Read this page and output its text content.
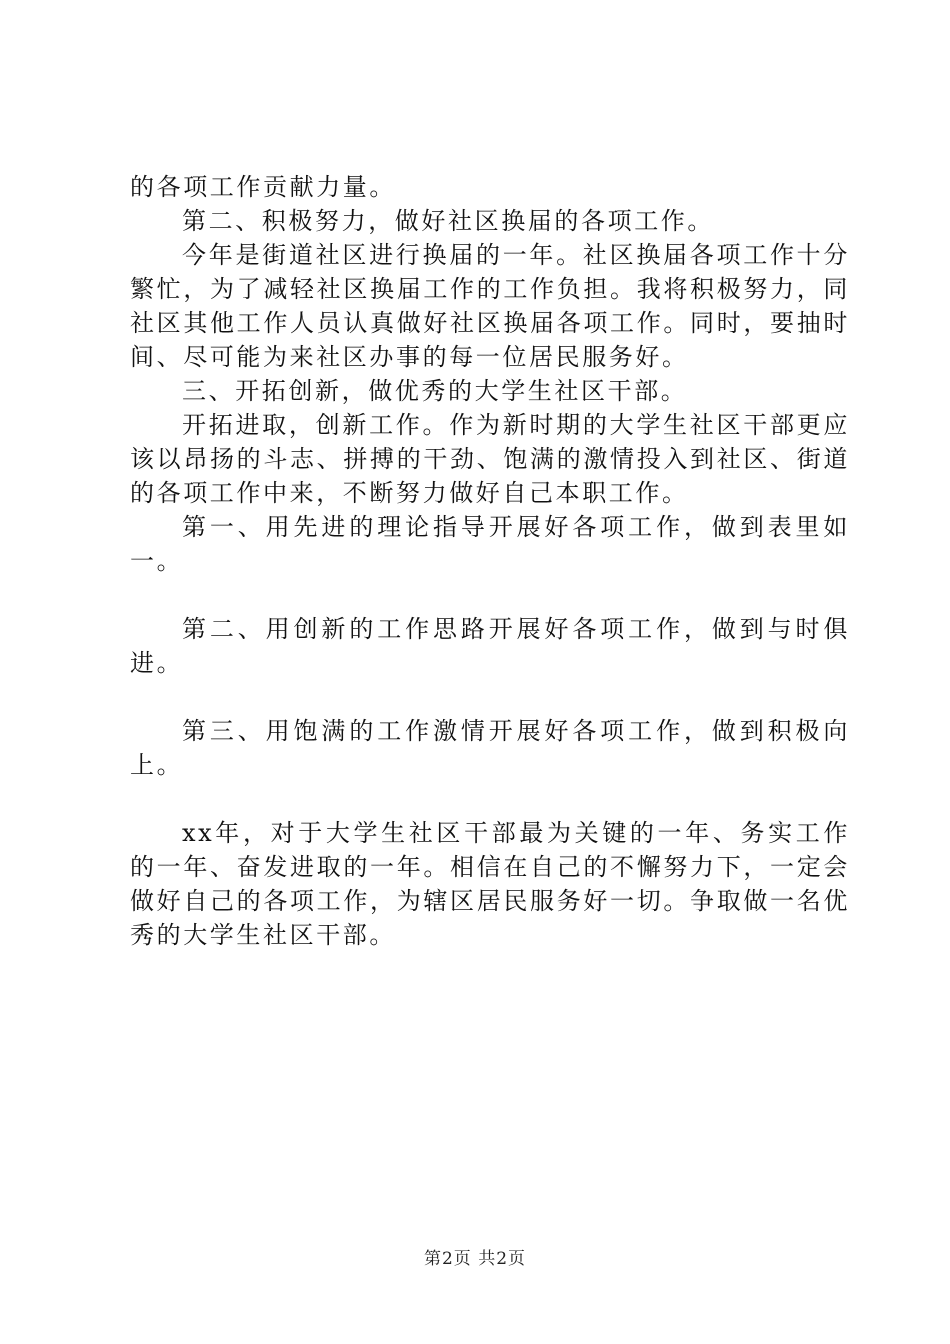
的各项工作贡献力量。

第二、积极努力，做好社区换届的各项工作。

今年是街道社区进行换届的一年。社区换届各项工作十分繁忙，为了减轻社区换届工作的工作负担。我将积极努力，同社区其他工作人员认真做好社区换届各项工作。同时，要抽时间、尽可能为来社区办事的每一位居民服务好。

三、开拓创新，做优秀的大学生社区干部。

开拓进取，创新工作。作为新时期的大学生社区干部更应该以昂扬的斗志、拼搏的干劲、饱满的激情投入到社区、街道的各项工作中来，不断努力做好自己本职工作。

第一、用先进的理论指导开展好各项工作，做到表里如一。

第二、用创新的工作思路开展好各项工作，做到与时俱进。

第三、用饱满的工作激情开展好各项工作，做到积极向上。

xx年，对于大学生社区干部最为关键的一年、务实工作的一年、奋发进取的一年。相信在自己的不懈努力下，一定会做好自己的各项工作，为辖区居民服务好一切。争取做一名优秀的大学生社区干部。

第2页 共2页
